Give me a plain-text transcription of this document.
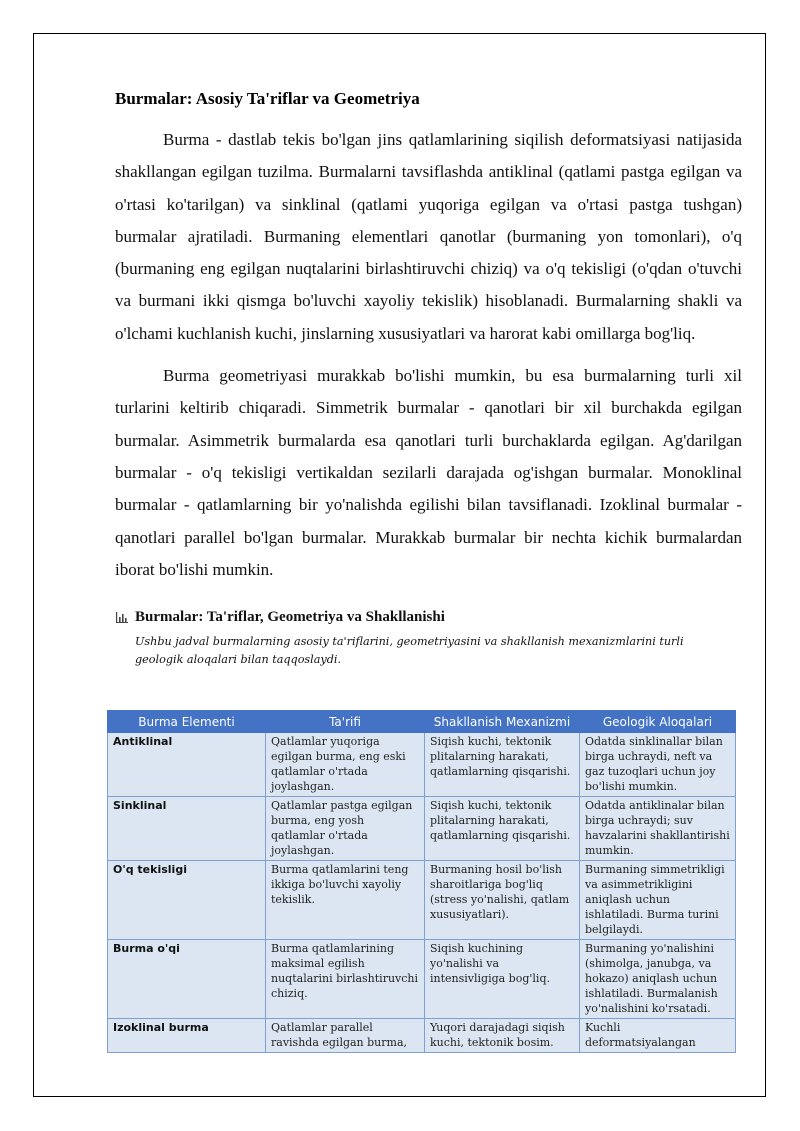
Burmalar: Asosiy Ta'riflar va Geometriya

Burma - dastlab tekis bo'lgan jins qatlamlarining siqilish deformatsiyasi natijasida shakllangan egilgan tuzilma. Burmalarni tavsiflashda antiklinal (qatlami pastga egilgan va o'rtasi ko'tarilgan) va sinklinal (qatlami yuqoriga egilgan va o'rtasi pastga tushgan) burmalar ajratiladi. Burmaning elementlari qanotlar (burmaning yon tomonlari), o'q (burmaning eng egilgan nuqtalarini birlashtiruvchi chiziq) va o'q tekisligi (o'qdan o'tuvchi va burmani ikki qismga bo'luvchi xayoliy tekislik) hisoblanadi. Burmalarning shakli va o'lchami kuchlanish kuchi, jinslarning xususiyatlari va harorat kabi omillarga bog'liq.

Burma geometriyasi murakkab bo'lishi mumkin, bu esa burmalarning turli xil turlarini keltirib chiqaradi. Simmetrik burmalar - qanotlari bir xil burchakda egilgan burmalar. Asimmetrik burmalarda esa qanotlari turli burchaklarda egilgan. Ag'darilgan burmalar - o'q tekisligi vertikaldan sezilarli darajada og'ishgan burmalar. Monoklinal burmalar - qatlamlarning bir yo'nalishda egilishi bilan tavsiflanadi. Izoklinal burmalar - qanotlari parallel bo'lgan burmalar. Murakkab burmalar bir nechta kichik burmalardan iborat bo'lishi mumkin.

Burmalar: Ta'riflar, Geometriya va Shakllanishi
Ushbu jadval burmalarning asosiy ta'riflarini, geometriyasini va shakllanish mexanizmlarini turli geologik aloqalari bilan taqqoslaydi.
Burma Elementi	Ta'rifi	Shakllanish Mexanizmi	Geologik Aloqalari
Antiklinal	Qatlamlar yuqoriga egilgan burma, eng eski qatlamlar o'rtada joylashgan.	Siqish kuchi, tektonik plitalarning harakati, qatlamlarning qisqarishi.	Odatda sinklinallar bilan birga uchraydi, neft va gaz tuzoqlari uchun joy bo'lishi mumkin.
Sinklinal	Qatlamlar pastga egilgan burma, eng yosh qatlamlar o'rtada joylashgan.	Siqish kuchi, tektonik plitalarning harakati, qatlamlarning qisqarishi.	Odatda antiklinalar bilan birga uchraydi; suv havzalarini shakllantirishi mumkin.
O'q tekisligi	Burma qatlamlarini teng ikkiga bo'luvchi xayoliy tekislik.	Burmaning hosil bo'lish sharoitlariga bog'liq (stress yo'nalishi, qatlam xususiyatlari).	Burmaning simmetrikligi va asimmetrikligini aniqlash uchun ishlatiladi. Burma turini belgilaydi.
Burma o'qi	Burma qatlamlarining maksimal egilish nuqtalarini birlashtiruvchi chiziq.	Siqish kuchining yo'nalishi va intensivligiga bog'liq.	Burmaning yo'nalishini (shimolga, janubga, va hokazo) aniqlash uchun ishlatiladi. Burmalanish yo'nalishini ko'rsatadi.
Izoklinal burma	Qatlamlar parallel ravishda egilgan burma,	Yuqori darajadagi siqish kuchi, tektonik bosim.	Kuchli deformatsiyalangan
